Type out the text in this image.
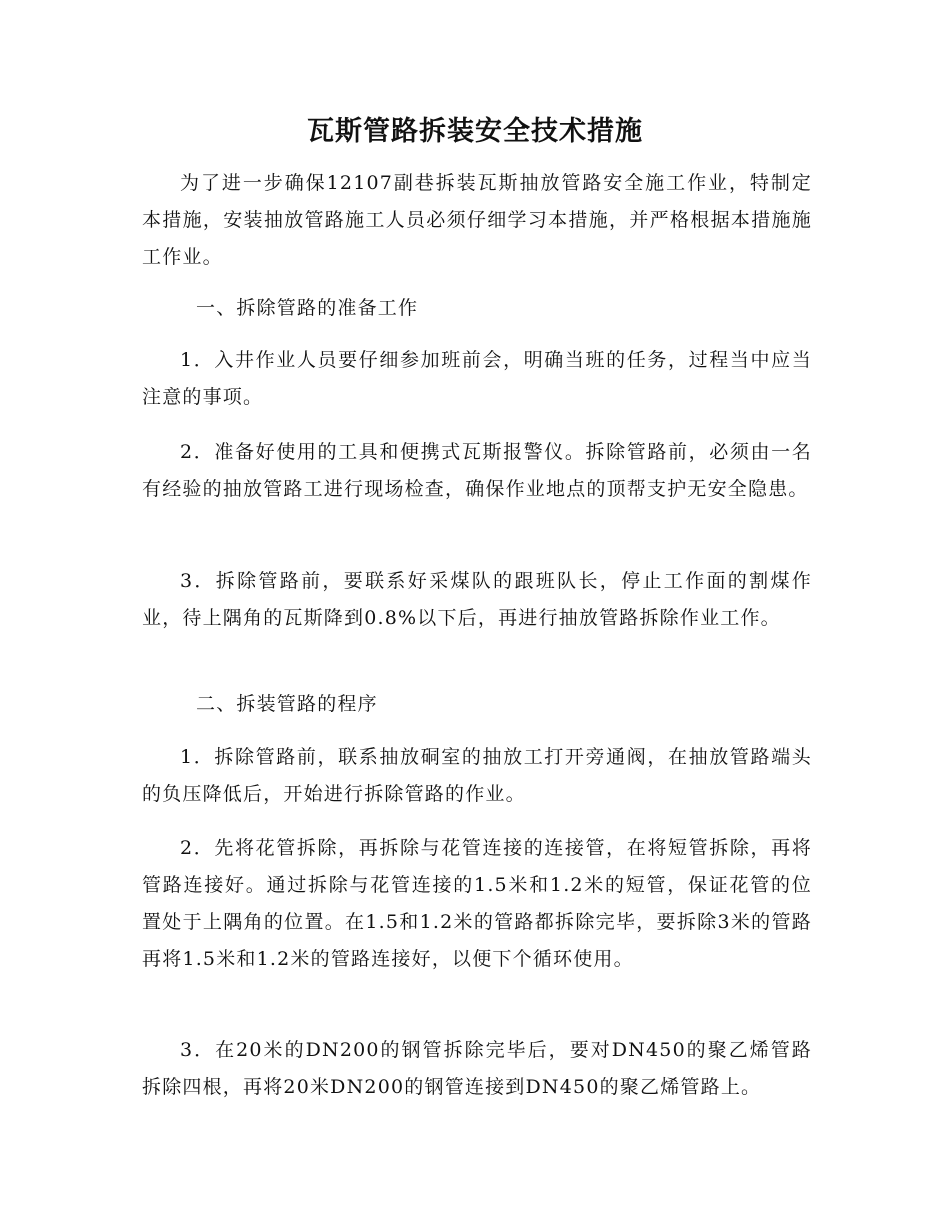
瓦斯管路拆装安全技术措施

为了进一步确保12107副巷拆装瓦斯抽放管路安全施工作业，特制定本措施，安装抽放管路施工人员必须仔细学习本措施，并严格根据本措施施工作业。

一、拆除管路的准备工作

1．入井作业人员要仔细参加班前会，明确当班的任务，过程当中应当注意的事项。

2．准备好使用的工具和便携式瓦斯报警仪。拆除管路前，必须由一名有经验的抽放管路工进行现场检查，确保作业地点的顶帮支护无安全隐患。

3．拆除管路前，要联系好采煤队的跟班队长，停止工作面的割煤作业，待上隅角的瓦斯降到0.8%以下后，再进行抽放管路拆除作业工作。

二、拆装管路的程序

1．拆除管路前，联系抽放硐室的抽放工打开旁通阀，在抽放管路端头的负压降低后，开始进行拆除管路的作业。

2．先将花管拆除，再拆除与花管连接的连接管，在将短管拆除，再将管路连接好。通过拆除与花管连接的1.5米和1.2米的短管，保证花管的位置处于上隅角的位置。在1.5和1.2米的管路都拆除完毕，要拆除3米的管路再将1.5米和1.2米的管路连接好，以便下个循环使用。

3．在20米的DN200的钢管拆除完毕后，要对DN450的聚乙烯管路拆除四根，再将20米DN200的钢管连接到DN450的聚乙烯管路上。
